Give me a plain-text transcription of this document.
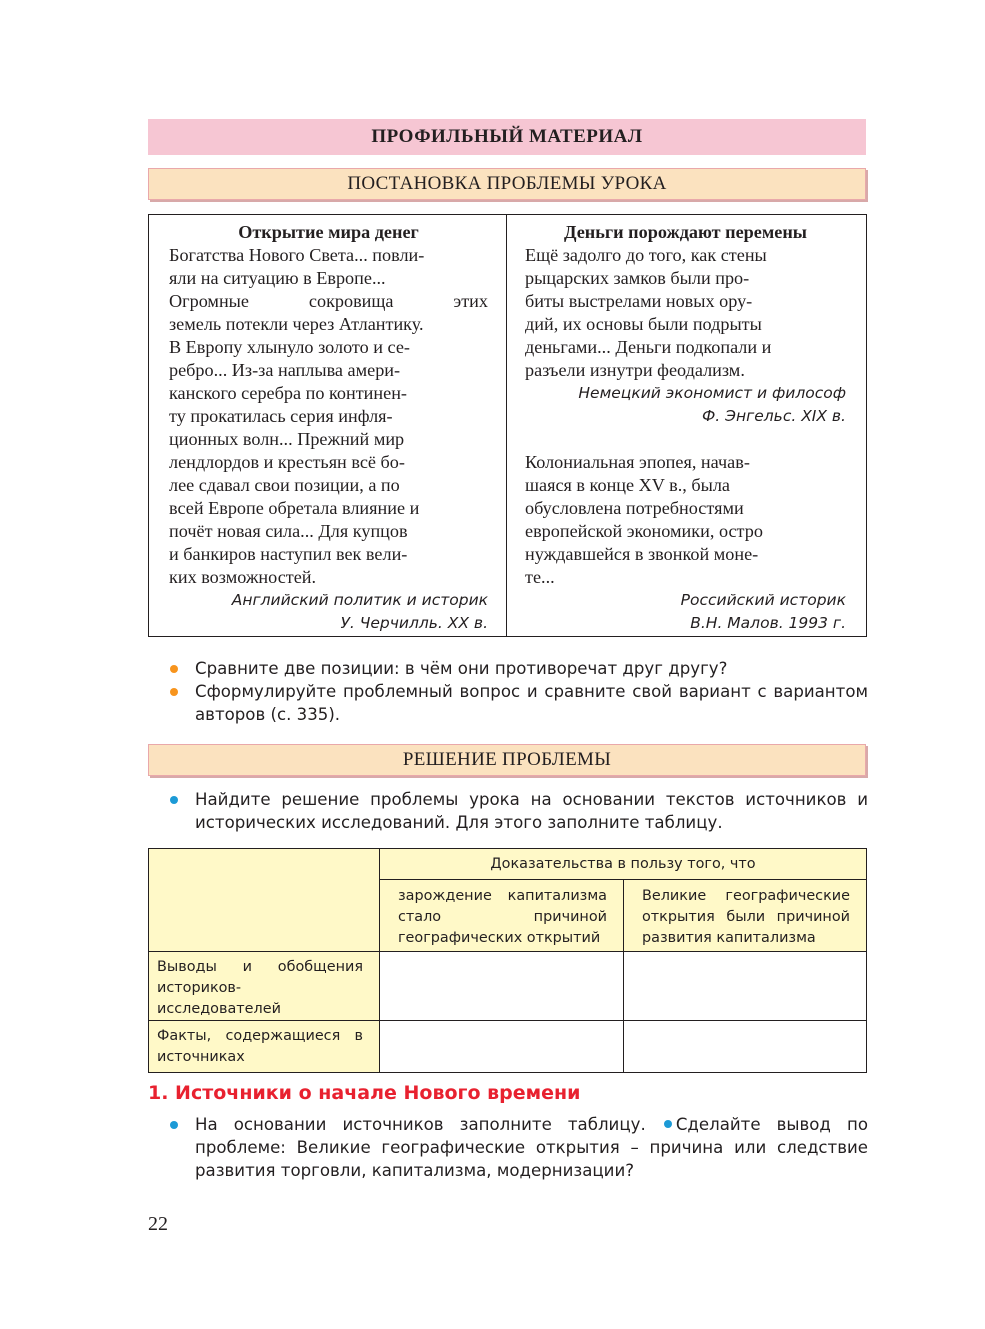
ПРОФИЛЬНЫЙ МАТЕРИАЛ
ПОСТАНОВКА ПРОБЛЕМЫ УРОКА
Открытие мира денег
Богатства Нового Света... повли-
яли на ситуацию в Европе...
Огромные сокровища этих
земель потекли через Атлантику.
В Европу хлынуло золото и се-
ребро... Из-за наплыва амери-
канского серебра по континен-
ту прокатилась серия инфля-
ционных волн... Прежний мир
лендлордов и крестьян всё бо-
лее сдавал свои позиции, а по
всей Европе обретала влияние и
почёт новая сила... Для купцов
и банкиров наступил век вели-
ких возможностей.
Английский политик и историк
У. Черчилль. XX в.
Деньги порождают перемены
Ещё задолго до того, как стены
рыцарских замков были про-
биты выстрелами новых ору-
дий, их основы были подрыты
деньгами... Деньги подкопали и
разъели изнутри феодализм.
Немецкий экономист и философ
Ф. Энгельс. XIX в.
Колониальная эпопея, начав-
шаяся в конце XV в., была
обусловлена потребностями
европейской экономики, остро
нуждавшейся в звонкой моне-
те...
Российский историк
В.Н. Малов. 1993 г.
Сравните две позиции: в чём они противоречат друг другу?
Сформулируйте проблемный вопрос и сравните свой вариант с вариантом авторов (с. 335).
РЕШЕНИЕ ПРОБЛЕМЫ
Найдите решение проблемы урока на основании текстов источников и исторических исследований. Для этого заполните таблицу.
	Доказательства в пользу того, что	
	зарождение капитализма стало причиной географических открытий	Великие географические открытия были причиной развития капитализма
Выводы и обобщения историков-исследователей		
Факты, содержащиеся в источниках		
1. Источники о начале Нового времени
На основании источников заполните таблицу. Сделайте вывод по проблеме: Великие географические открытия – причина или следствие развития торговли, капитализма, модернизации?
22
